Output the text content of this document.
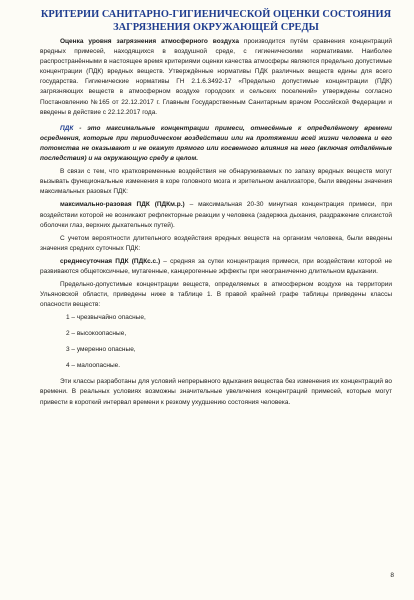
КРИТЕРИИ САНИТАРНО-ГИГИЕНИЧЕСКОЙ ОЦЕНКИ СОСТОЯНИЯ
ЗАГРЯЗНЕНИЯ ОКРУЖАЮЩЕЙ СРЕДЫ

Оценка уровня загрязнения атмосферного воздуха производится путём сравнения концентраций вредных примесей, находящихся в воздушной среде, с гигиеническими нормативами. Наиболее распространёнными в настоящее время критериями оценки качества атмосферы являются предельно допустимые концентрации (ПДК) вредных веществ. Утверждённые нормативы ПДК различных веществ едины для всего государства. Гигиенические нормативы ГН 2.1.6.3492-17 «Предельно допустимые концентрации (ПДК) загрязняющих веществ в атмосферном воздухе городских и сельских поселений» утверждены согласно Постановлению №165 от 22.12.2017 г. Главным Государственным Санитарным врачом Российской Федерации и введены в действие с 22.12.2017 года.

ПДК - это максимальные концентрации примеси, отнесённые к определённому времени осреднения, которые при периодическом воздействии или на протяжении всей жизни человека и его потомства не оказывают и не окажут прямого или косвенного влияния на него (включая отдалённые последствия) и на окружающую среду в целом.

В связи с тем, что кратковременные воздействия не обнаруживаемых по запаху вредных веществ могут вызывать функциональные изменения в коре головного мозга и зрительном анализаторе, были введены значения максимальных разовых ПДК:

максимально-разовая ПДК (ПДКм.р.) – максимальная 20-30 минутная концентрация примеси, при воздействии которой не возникают рефлекторные реакции у человека (задержка дыхания, раздражение слизистой оболочки глаз, верхних дыхательных путей).

С учетом вероятности длительного воздействия вредных веществ на организм человека, были введены значения средних суточных ПДК:

среднесуточная ПДК (ПДКс.с.) – средняя за сутки концентрация примеси, при воздействии которой не развиваются общетоксичные, мутагенные, канцерогенные эффекты при неограниченно длительном вдыхании.

Предельно-допустимые концентрации веществ, определяемых в атмосферном воздухе на территории Ульяновской области, приведены ниже в таблице 1. В правой крайней графе таблицы приведены классы опасности веществ:

1 – чрезвычайно опасные,
2 – высокоопасные,
3 – умеренно опасные,
4 – малоопасные.

Эти классы разработаны для условий непрерывного вдыхания вещества без изменения их концентраций во времени. В реальных условиях возможны значительные увеличения концентраций примесей, которые могут привести в короткий интервал времени к резкому ухудшению состояния человека.

8
